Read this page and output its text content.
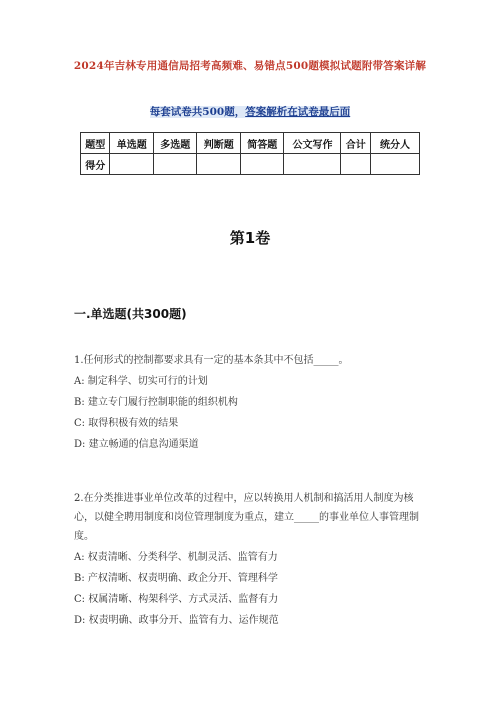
2024年吉林专用通信局招考高频难、易错点500题模拟试题附带答案详解
每套试卷共500题，答案解析在试卷最后面
题型	单选题	多选题	判断题	简答题	公文写作	合计	统分人
得分							
第1卷
一.单选题(共300题)

1.任何形式的控制都要求具有一定的基本条其中不包括_____。

A: 制定科学、切实可行的计划

B: 建立专门履行控制职能的组织机构

C: 取得积极有效的结果

D: 建立畅通的信息沟通渠道

2.在分类推进事业单位改革的过程中，应以转换用人机制和搞活用人制度为核心，以健全聘用制度和岗位管理制度为重点，建立_____的事业单位人事管理制度。

A: 权责清晰、分类科学、机制灵活、监管有力

B: 产权清晰、权责明确、政企分开、管理科学

C: 权属清晰、构架科学、方式灵活、监督有力

D: 权责明确、政事分开、监管有力、运作规范
